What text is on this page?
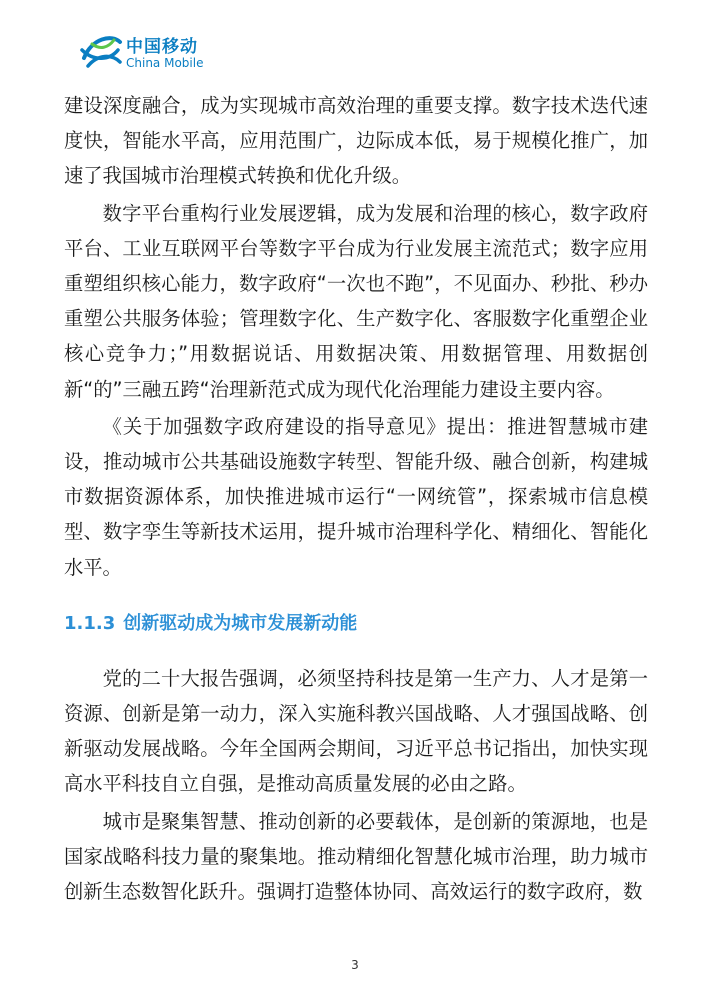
中国移动
China Mobile

建设深度融合，成为实现城市高效治理的重要支撑。数字技术迭代速度快，智能水平高，应用范围广，边际成本低，易于规模化推广，加速了我国城市治理模式转换和优化升级。

数字平台重构行业发展逻辑，成为发展和治理的核心，数字政府平台、工业互联网平台等数字平台成为行业发展主流范式；数字应用重塑组织核心能力，数字政府“一次也不跑”，不见面办、秒批、秒办重塑公共服务体验；管理数字化、生产数字化、客服数字化重塑企业核心竞争力；”用数据说话、用数据决策、用数据管理、用数据创新“的”三融五跨“治理新范式成为现代化治理能力建设主要内容。

《关于加强数字政府建设的指导意见》提出：推进智慧城市建设，推动城市公共基础设施数字转型、智能升级、融合创新，构建城市数据资源体系，加快推进城市运行“一网统管”，探索城市信息模型、数字孪生等新技术运用，提升城市治理科学化、精细化、智能化水平。

1.1.3 创新驱动成为城市发展新动能

党的二十大报告强调，必须坚持科技是第一生产力、人才是第一资源、创新是第一动力，深入实施科教兴国战略、人才强国战略、创新驱动发展战略。今年全国两会期间，习近平总书记指出，加快实现高水平科技自立自强，是推动高质量发展的必由之路。

城市是聚集智慧、推动创新的必要载体，是创新的策源地，也是国家战略科技力量的聚集地。推动精细化智慧化城市治理，助力城市创新生态数智化跃升。强调打造整体协同、高效运行的数字政府，数

3
